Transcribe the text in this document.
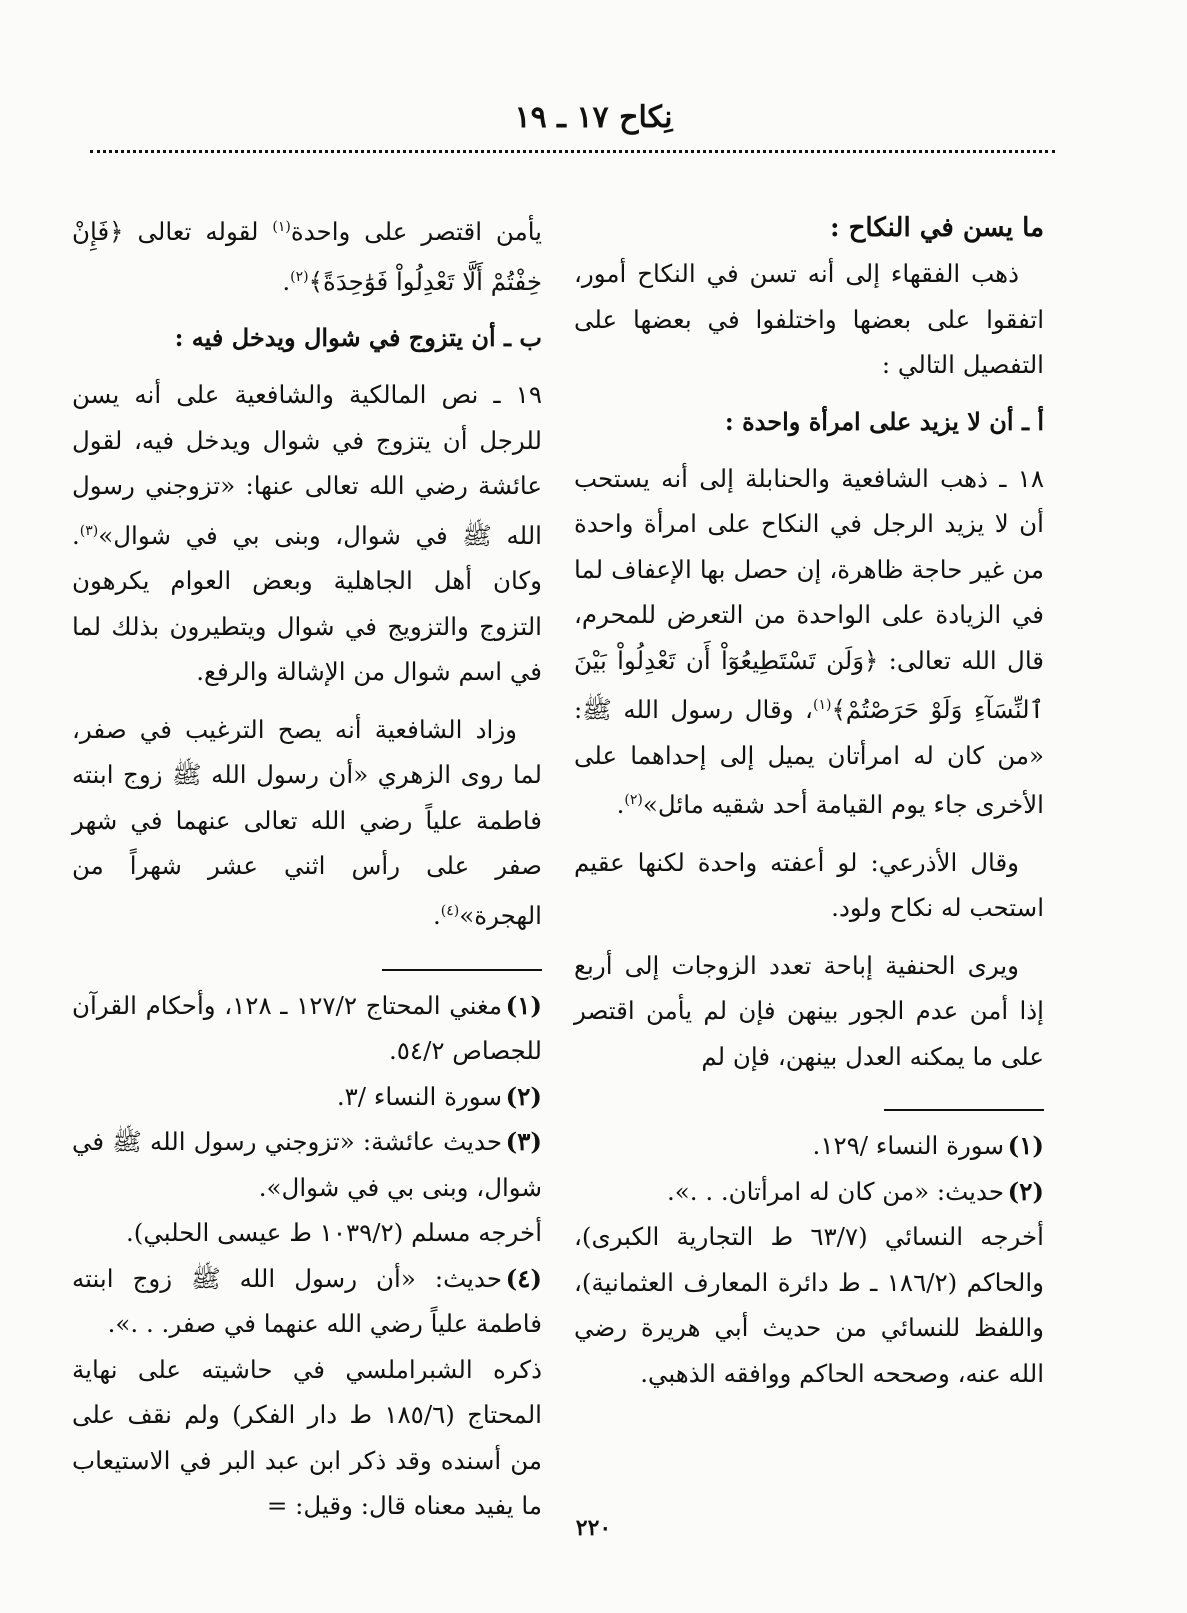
نِكاح ١٧ ـ ١٩
ما يسن في النكاح :

ذهب الفقهاء إلى أنه تسن في النكاح أمور، اتفقوا على بعضها واختلفوا في بعضها على التفصيل التالي :

أ ـ أن لا يزيد على امرأة واحدة :

١٨ ـ ذهب الشافعية والحنابلة إلى أنه يستحب أن لا يزيد الرجل في النكاح على امرأة واحدة من غير حاجة ظاهرة، إن حصل بها الإعفاف لما في الزيادة على الواحدة من التعرض للمحرم، قال الله تعالى: ﴿وَلَن تَسْتَطِيعُوٓاْ أَن تَعْدِلُواْ بَيْنَ ٱلنِّسَآءِ وَلَوْ حَرَصْتُمْ﴾$^{(١)}$، وقال رسول الله ﷺ: «من كان له امرأتان يميل إلى إحداهما على الأخرى جاء يوم القيامة أحد شقيه مائل»$^{(٢)}$.

وقال الأذرعي: لو أعفته واحدة لكنها عقيم استحب له نكاح ولود.

ويرى الحنفية إباحة تعدد الزوجات إلى أربع إذا أمن عدم الجور بينهن فإن لم يأمن اقتصر على ما يمكنه العدل بينهن، فإن لم

(١)سورة النساء /١٢٩.

(٢)حديث: «من كان له امرأتان. . .».

أخرجه النسائي (٦٣/٧ ط التجارية الكبرى)، والحاكم (١٨٦/٢ ـ ط دائرة المعارف العثمانية)، واللفظ للنسائي من حديث أبي هريرة رضي الله عنه، وصححه الحاكم ووافقه الذهبي.

يأمن اقتصر على واحدة$^{(١)}$ لقوله تعالى ﴿فَإِنْ خِفْتُمْ أَلَّا تَعْدِلُواْ فَوَٰحِدَةً﴾$^{(٢)}$.

ب ـ أن يتزوج في شوال ويدخل فيه :

١٩ ـ نص المالكية والشافعية على أنه يسن للرجل أن يتزوج في شوال ويدخل فيه، لقول عائشة رضي الله تعالى عنها: «تزوجني رسول الله ﷺ في شوال، وبنى بي في شوال»$^{(٣)}$. وكان أهل الجاهلية وبعض العوام يكرهون التزوج والتزويج في شوال ويتطيرون بذلك لما في اسم شوال من الإشالة والرفع.

وزاد الشافعية أنه يصح الترغيب في صفر، لما روى الزهري «أن رسول الله ﷺ زوج ابنته فاطمة علياً رضي الله تعالى عنهما في شهر صفر على رأس اثني عشر شهراً من الهجرة»$^{(٤)}$.

(١)مغني المحتاج ١٢٧/٢ ـ ١٢٨، وأحكام القرآن للجصاص ٥٤/٢.

(٢)سورة النساء /٣.

(٣)حديث عائشة: «تزوجني رسول الله ﷺ في شوال، وبنى بي في شوال».

أخرجه مسلم (١٠٣٩/٢ ط عيسى الحلبي).

(٤)حديث: «أن رسول الله ﷺ زوج ابنته فاطمة علياً رضي الله عنهما في صفر. . .».

ذكره الشبراملسي في حاشيته على نهاية المحتاج (١٨٥/٦ ط دار الفكر) ولم نقف على من أسنده وقد ذكر ابن عبد البر في الاستيعاب ما يفيد معناه قال: وقيل: =

٢٢٠
